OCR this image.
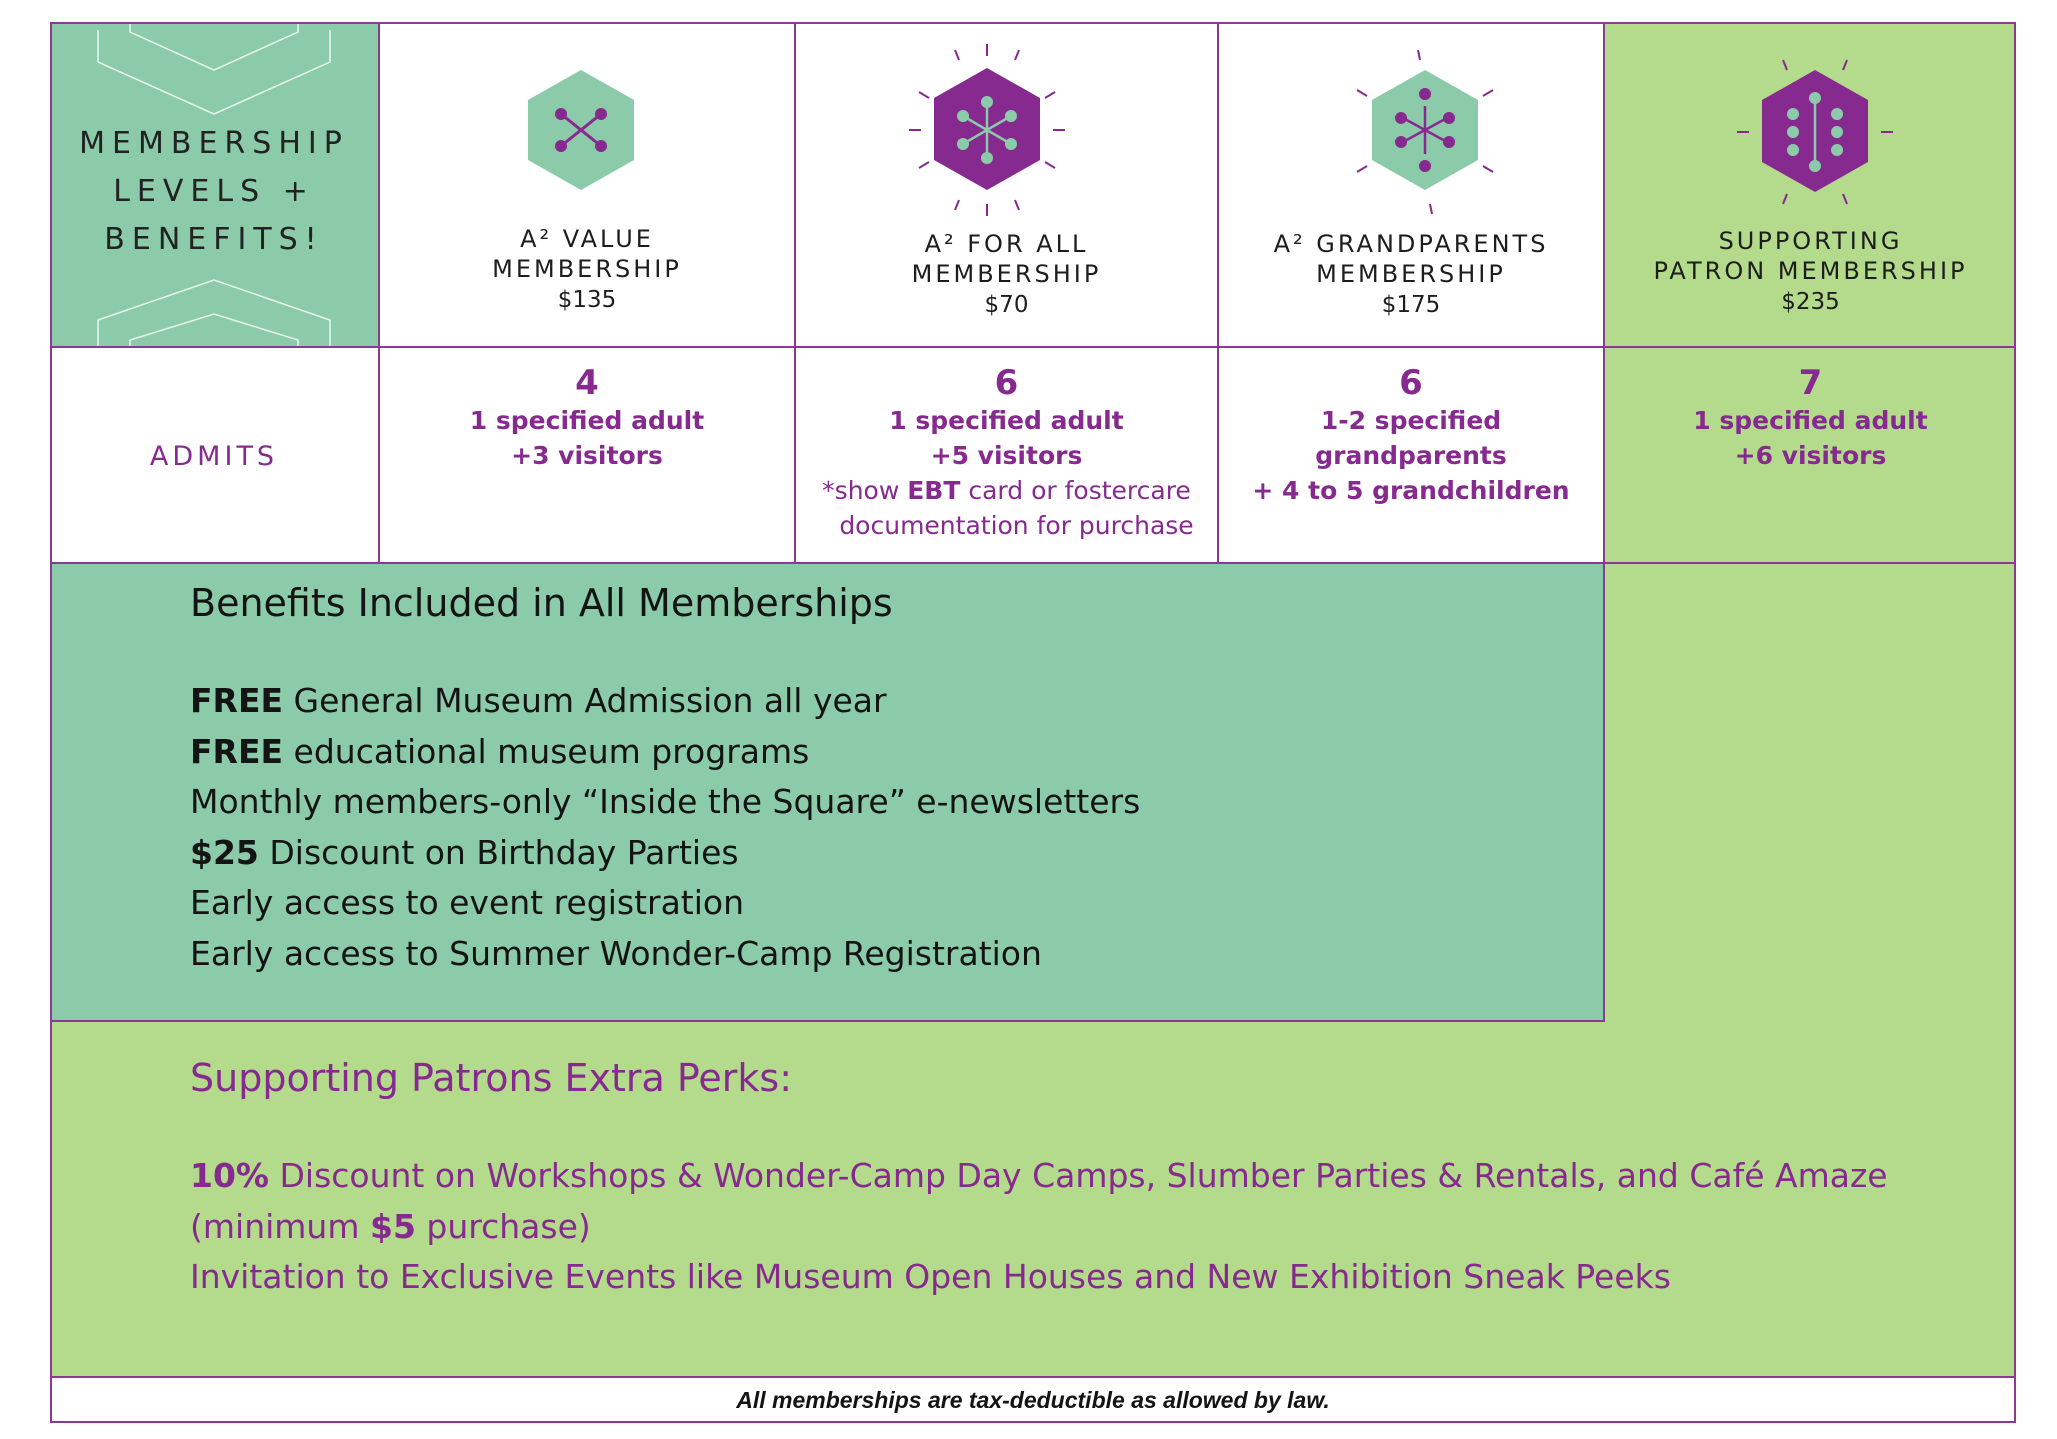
MEMBERSHIP
LEVELS +
BENEFITS!	A² VALUE
MEMBERSHIP
$135
A² FOR ALL
MEMBERSHIP
$70
A² GRANDPARENTS
MEMBERSHIP
$175
SUPPORTING
PATRON MEMBERSHIP
$235
ADMITS
4
1 specified adult
+3 visitors
6
1 specified adult
+5 visitors
*show EBT card or fostercare
documentation for purchase
6
1-2 specified
grandparents
+ 4 to 5 grandchildren
7
1 specified adult
+6 visitors
Benefits Included in All Memberships
FREE General Museum Admission all year
FREE educational museum programs
Monthly members-only “Inside the Square” e-newsletters
$25 Discount on Birthday Parties
Early access to event registration
Early access to Summer Wonder-Camp Registration
Supporting Patrons Extra Perks:
10% Discount on Workshops & Wonder-Camp Day Camps, Slumber Parties & Rentals, and Café Amaze
(minimum $5 purchase)
Invitation to Exclusive Events like Museum Open Houses and New Exhibition Sneak Peeks
All memberships are tax-deductible as allowed by law.
